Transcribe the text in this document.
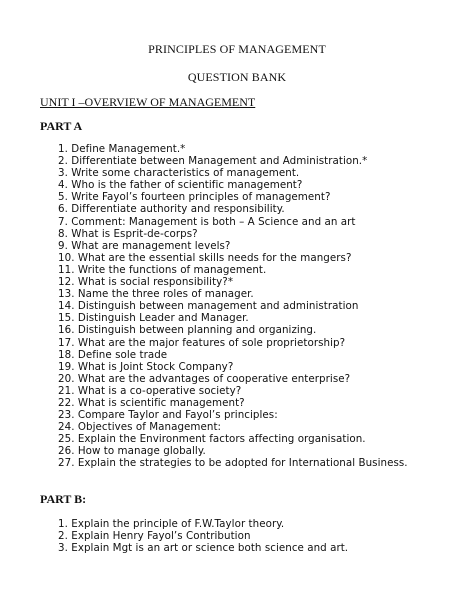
PRINCIPLES OF MANAGEMENT
QUESTION BANK
UNIT I –OVERVIEW OF MANAGEMENT
PART A
1. Define Management.*
2. Differentiate between Management and Administration.*
3. Write some characteristics of management.
4. Who is the father of scientific management?
5. Write Fayol’s fourteen principles of management?
6. Differentiate authority and responsibility.
7. Comment: Management is both – A Science and an art
8. What is Esprit-de-corps?
9. What are management levels?
10. What are the essential skills needs for the mangers?
11. Write the functions of management.
12. What is social responsibility?*
13. Name the three roles of manager.
14. Distinguish between management and administration
15. Distinguish Leader and Manager.
16. Distinguish between planning and organizing.
17. What are the major features of sole proprietorship?
18. Define sole trade
19. What is Joint Stock Company?
20. What are the advantages of cooperative enterprise?
21. What is a co-operative society?
22. What is scientific management?
23. Compare Taylor and Fayol’s principles:
24. Objectives of Management:
25. Explain the Environment factors affecting organisation.
26. How to manage globally.
27. Explain the strategies to be adopted for International Business.
PART B:
1. Explain the principle of F.W.Taylor theory.
2. Explain Henry Fayol’s Contribution
3. Explain Mgt is an art or science both science and art.
